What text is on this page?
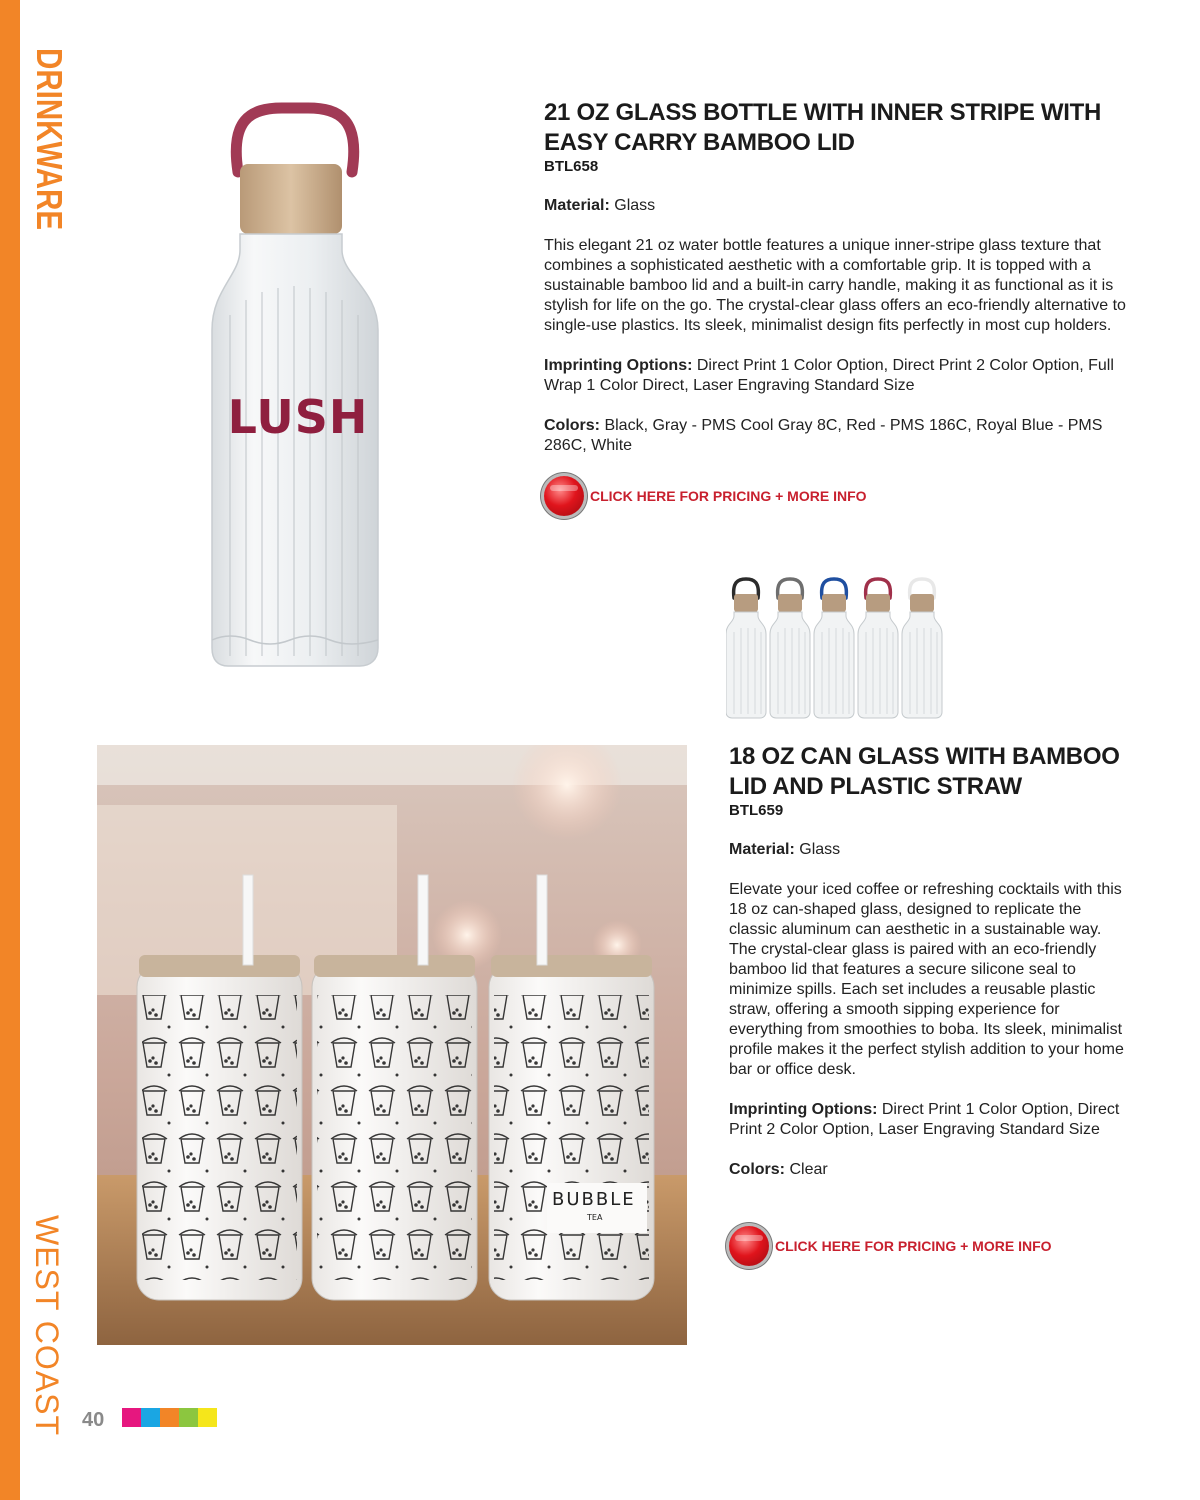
DRINKWARE
WEST COAST
LUSH
21 OZ GLASS BOTTLE WITH INNER STRIPE WITH EASY CARRY BAMBOO LID
BTL658

Material: Glass

This elegant 21 oz water bottle features a unique inner-stripe glass texture that combines a sophisticated aesthetic with a comfortable grip. It is topped with a sustainable bamboo lid and a built-in carry handle, making it as functional as it is stylish for life on the go. The crystal-clear glass offers an eco-friendly alternative to single-use plastics. Its sleek, minimalist design fits perfectly in most cup holders.

Imprinting Options: Direct Print 1 Color Option, Direct Print 2 Color Option, Full Wrap 1 Color Direct, Laser Engraving Standard Size

Colors: Black, Gray - PMS Cool Gray 8C, Red - PMS 186C, Royal Blue - PMS 286C, White

CLICK HERE FOR PRICING + MORE INFO
BUBBLE
TEA
18 OZ CAN GLASS WITH BAMBOO LID AND PLASTIC STRAW
BTL659

Material: Glass

Elevate your iced coffee or refreshing cocktails with this 18 oz can-shaped glass, designed to replicate the classic aluminum can aesthetic in a sustainable way. The crystal-clear glass is paired with an eco-friendly bamboo lid that features a secure silicone seal to minimize spills. Each set includes a reusable plastic straw, offering a smooth sipping experience for everything from smoothies to boba. Its sleek, minimalist profile makes it the perfect stylish addition to your home bar or office desk.

Imprinting Options: Direct Print 1 Color Option, Direct Print 2 Color Option, Laser Engraving Standard Size

Colors: Clear

CLICK HERE FOR PRICING + MORE INFO
40
